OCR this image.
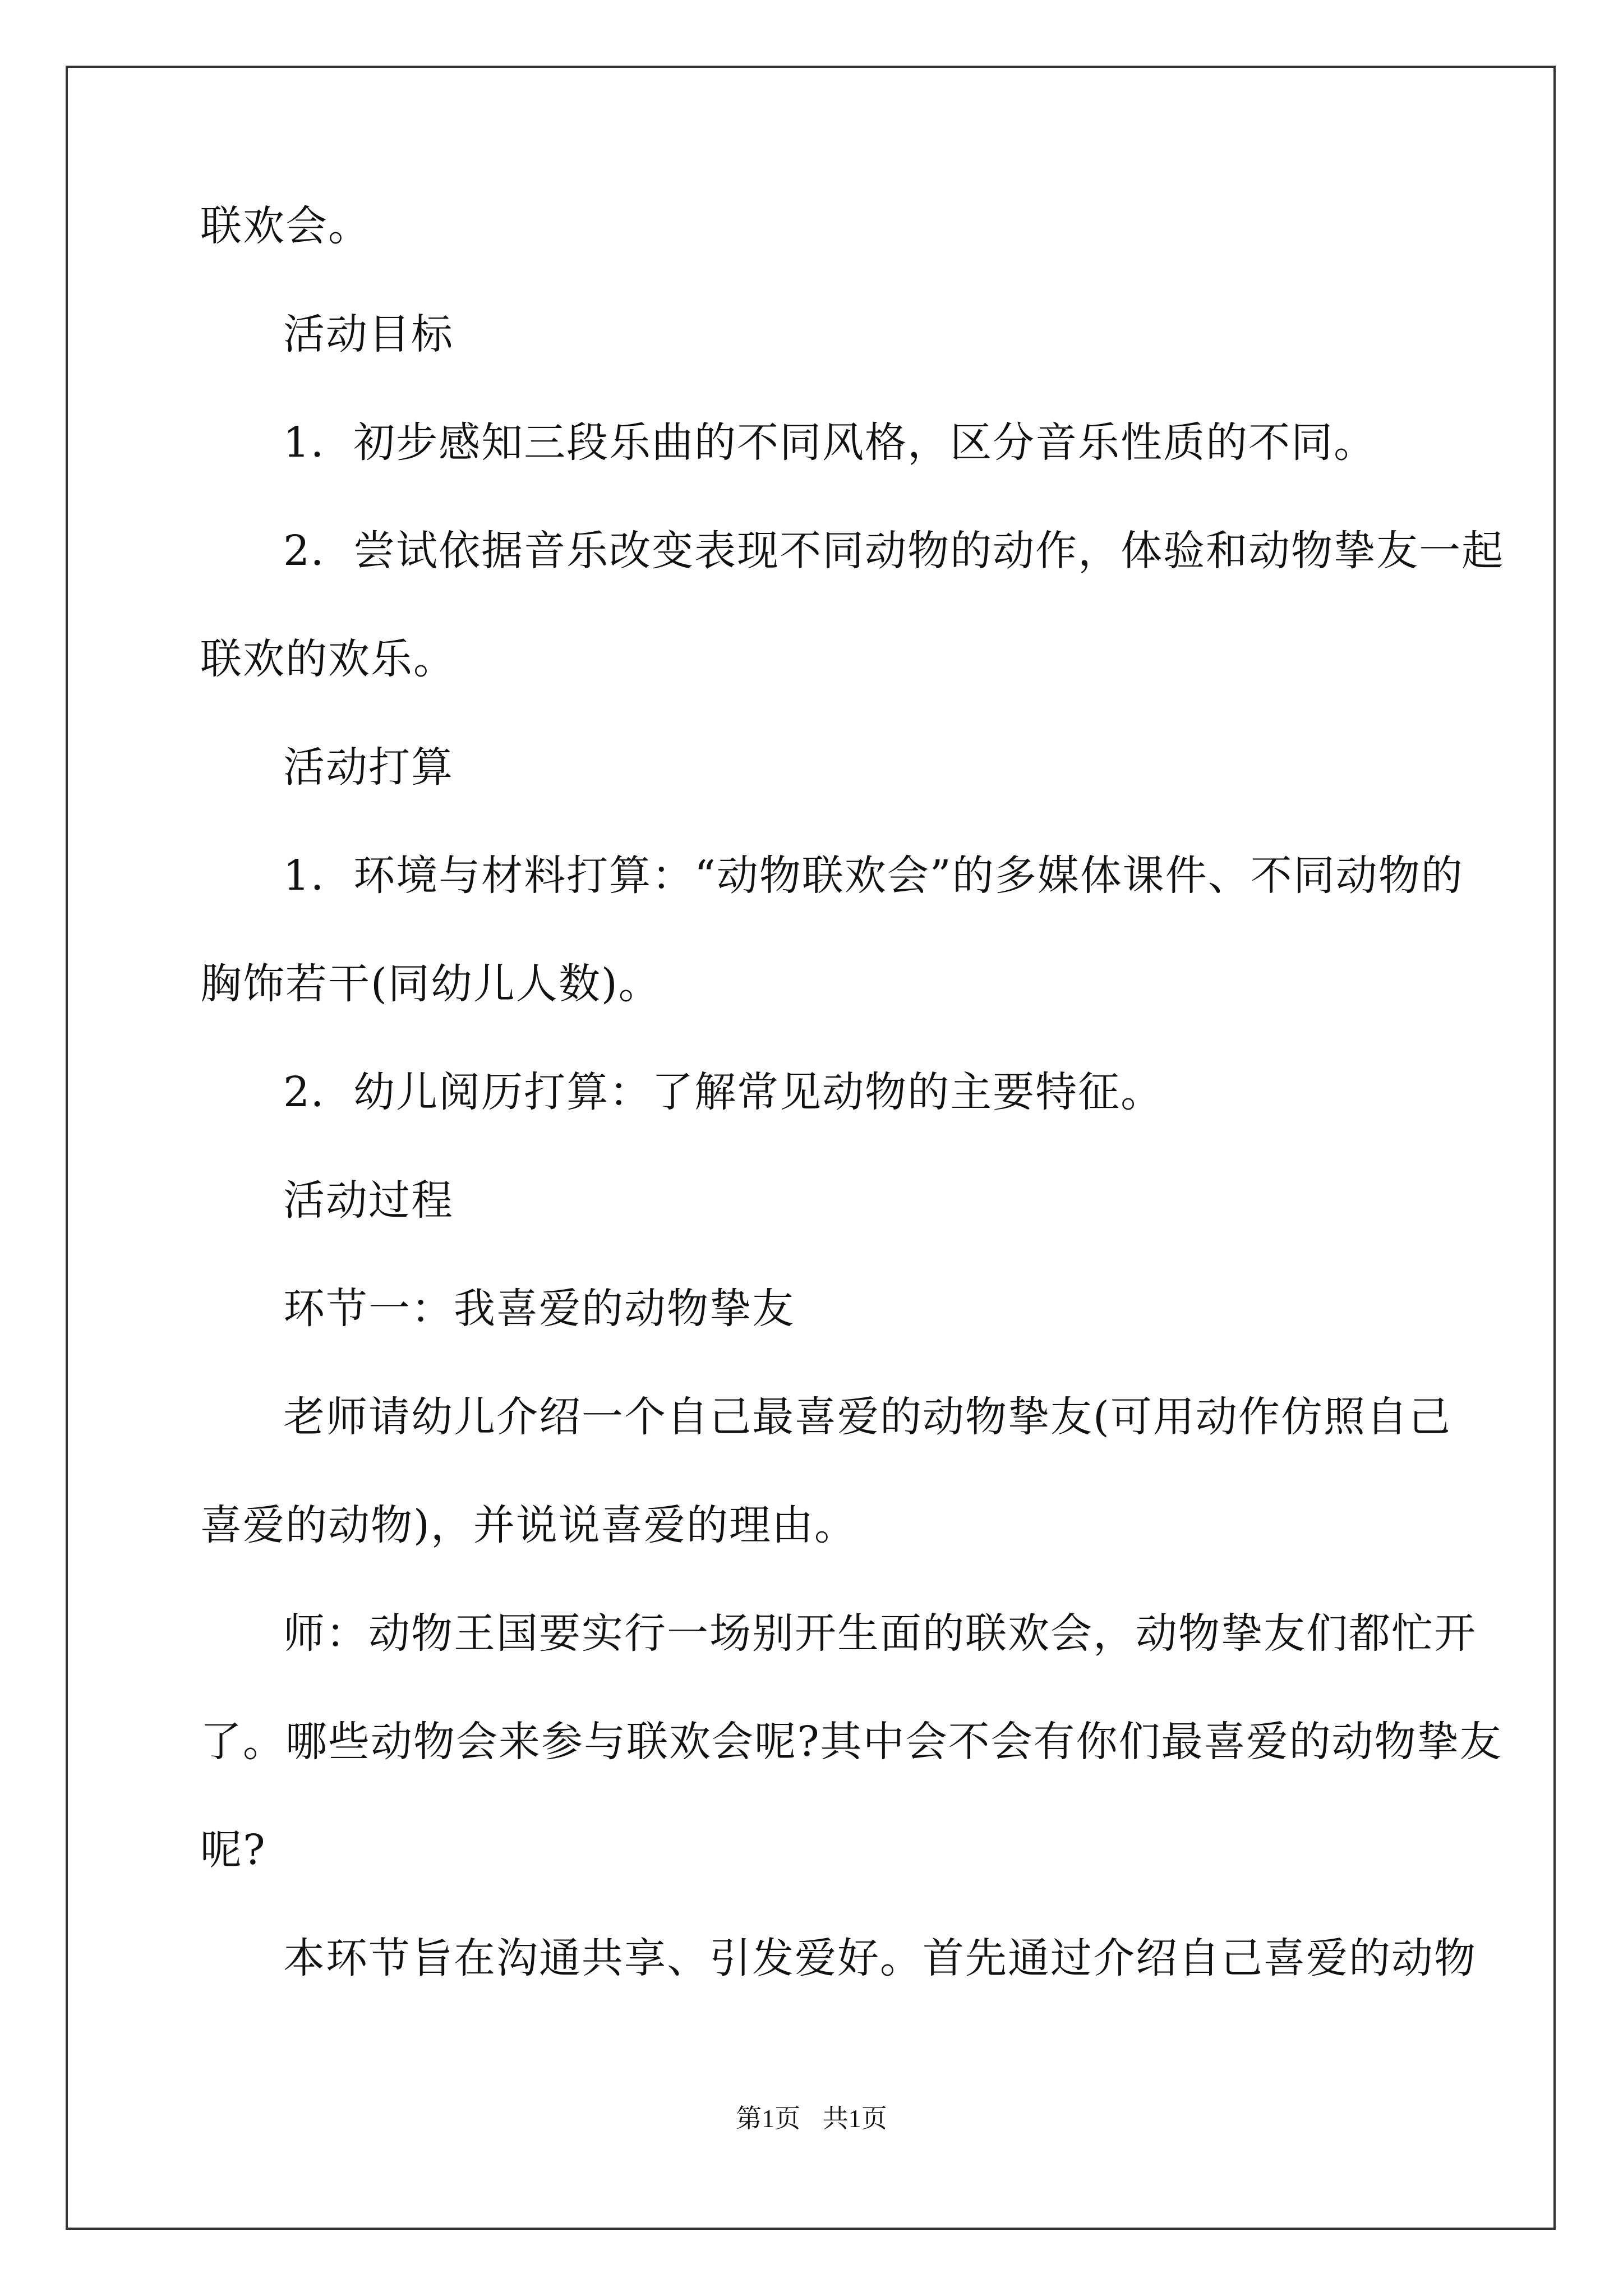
联欢会。
活动目标
1．初步感知三段乐曲的不同风格，区分音乐性质的不同。
2．尝试依据音乐改变表现不同动物的动作，体验和动物挚友一起
联欢的欢乐。
活动打算
1．环境与材料打算：“动物联欢会”的多媒体课件、不同动物的
胸饰若干(同幼儿人数)。
2．幼儿阅历打算：了解常见动物的主要特征。
活动过程
环节一：我喜爱的动物挚友
老师请幼儿介绍一个自己最喜爱的动物挚友(可用动作仿照自己
喜爱的动物)，并说说喜爱的理由。
师：动物王国要实行一场别开生面的联欢会，动物挚友们都忙开
了。哪些动物会来参与联欢会呢?其中会不会有你们最喜爱的动物挚友
呢?
本环节旨在沟通共享、引发爱好。首先通过介绍自己喜爱的动物
第1页 共1页
